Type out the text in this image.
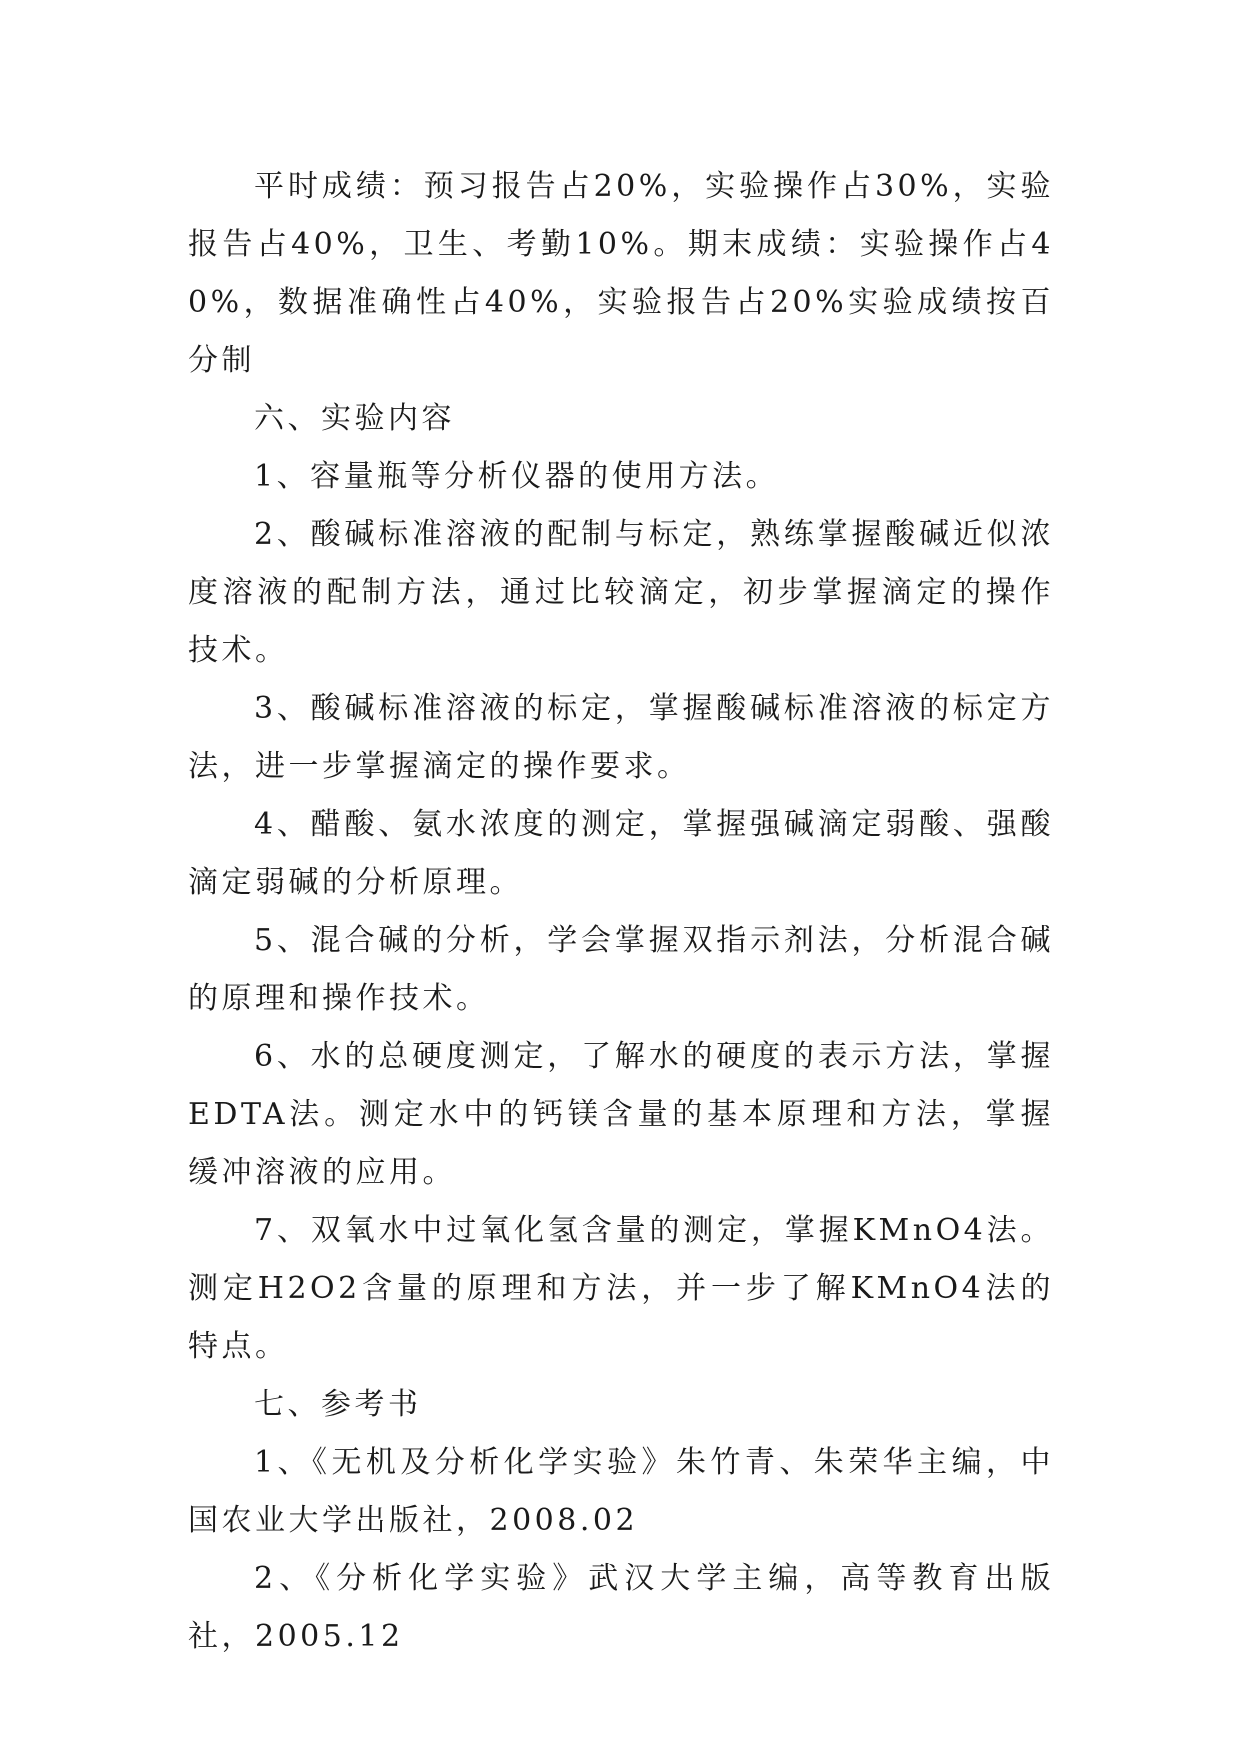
平时成绩：预习报告占20%，实验操作占30%，实验报告占40%，卫生、考勤10%。期末成绩：实验操作占40%，数据准确性占40%，实验报告占20%实验成绩按百分制

六、实验内容

1、容量瓶等分析仪器的使用方法。

2、酸碱标准溶液的配制与标定，熟练掌握酸碱近似浓度溶液的配制方法，通过比较滴定，初步掌握滴定的操作技术。

3、酸碱标准溶液的标定，掌握酸碱标准溶液的标定方法，进一步掌握滴定的操作要求。

4、醋酸、氨水浓度的测定，掌握强碱滴定弱酸、强酸滴定弱碱的分析原理。

5、混合碱的分析，学会掌握双指示剂法，分析混合碱的原理和操作技术。

6、水的总硬度测定，了解水的硬度的表示方法，掌握EDTA法。测定水中的钙镁含量的基本原理和方法，掌握缓冲溶液的应用。

7、双氧水中过氧化氢含量的测定，掌握KMnO4法。测定H2O2含量的原理和方法，并一步了解KMnO4法的特点。

七、参考书

1、《无机及分析化学实验》朱竹青、朱荣华主编，中国农业大学出版社，2008.02

2、《分析化学实验》武汉大学主编，高等教育出版社，2005.12
